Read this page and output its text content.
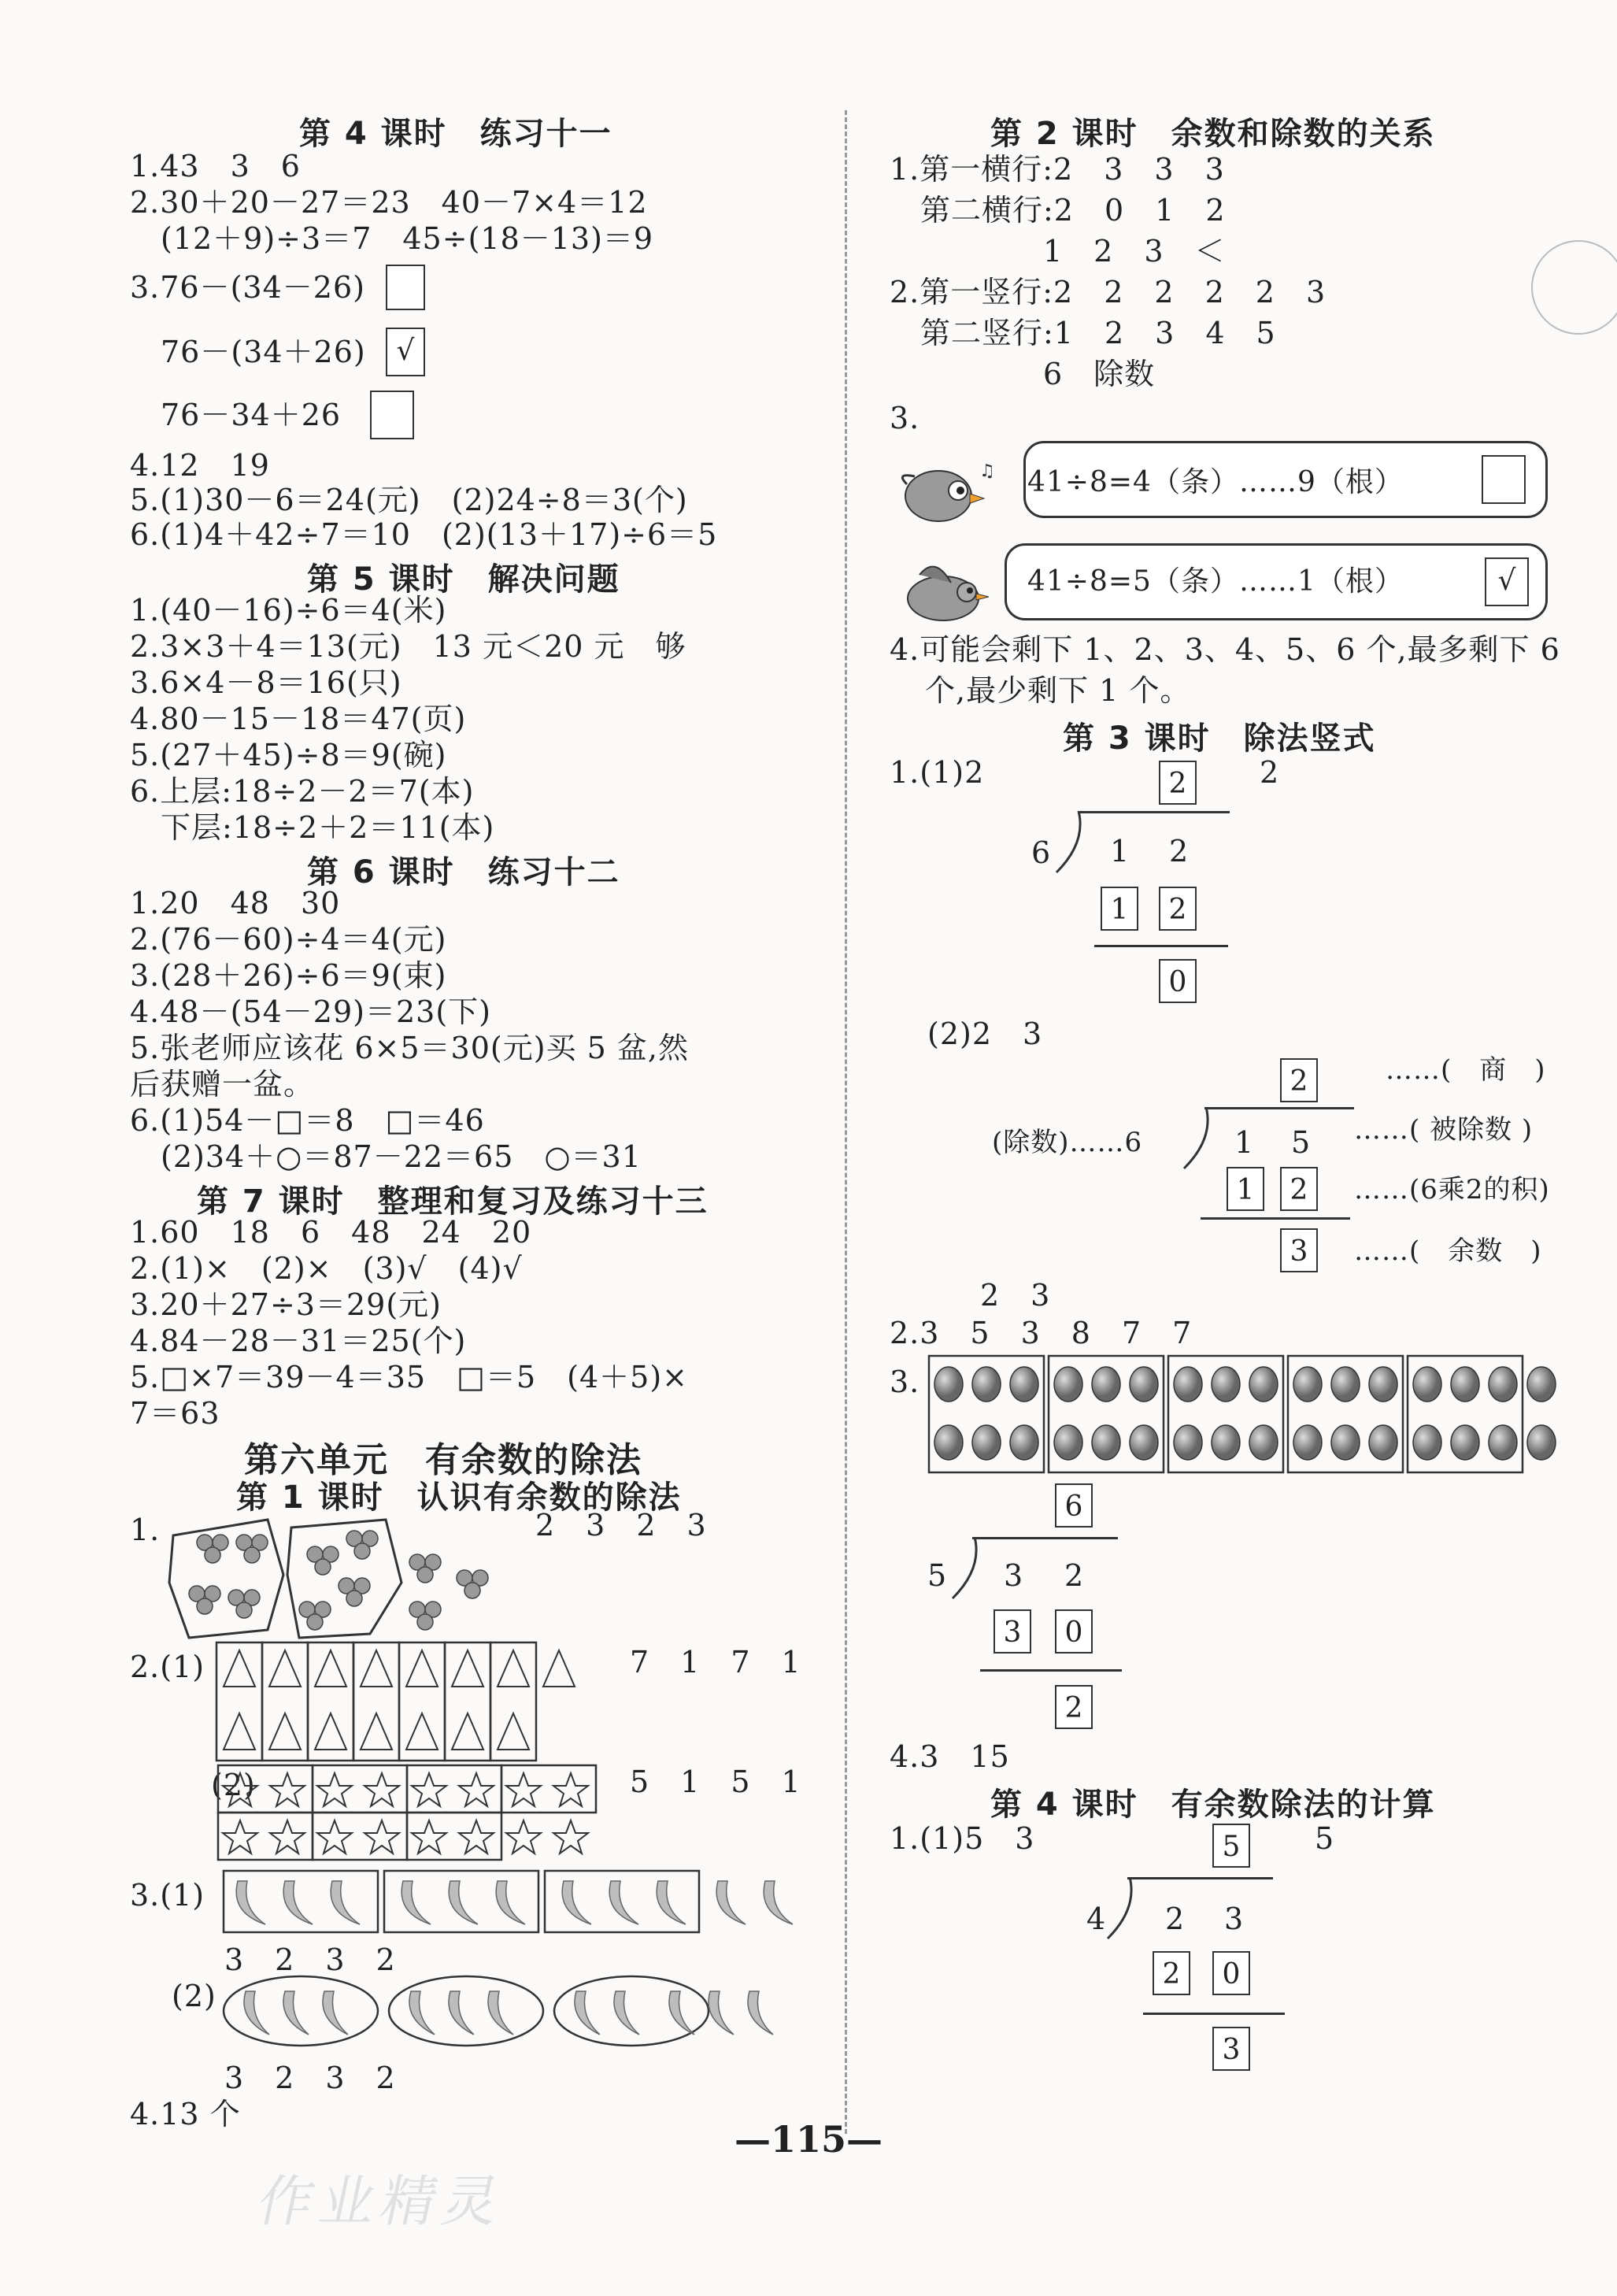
第 4 课时　练习十一
1.43　3　6
2.30＋20－27＝23　40－7×4＝12
　(12＋9)÷3＝7　45÷(18－13)＝9
3.76－(34－26)
　76－(34＋26)	√
　76－34＋26
4.12　19
5.(1)30－6＝24(元)　(2)24÷8＝3(个)
6.(1)4＋42÷7＝10　(2)(13＋17)÷6＝5
第 5 课时　解决问题
1.(40－16)÷6＝4(米)
2.3×3＋4＝13(元)　13 元＜20 元　够
3.6×4－8＝16(只)
4.80－15－18＝47(页)
5.(27＋45)÷8＝9(碗)
6.上层:18÷2－2＝7(本)
　下层:18÷2＋2＝11(本)
第 6 课时　练习十二
1.20　48　30
2.(76－60)÷4＝4(元)
3.(28＋26)÷6＝9(束)
4.48－(54－29)＝23(下)
5.张老师应该花 6×5＝30(元)买 5 盆,然
后获赠一盆。
6.(1)54－□＝8　□＝46
　(2)34＋○＝87－22＝65　○＝31
第 7 课时　整理和复习及练习十三
1.60　18　6　48　24　20
2.(1)×　(2)×　(3)√　(4)√
3.20＋27÷3＝29(元)
4.84－28－31＝25(个)
5.□×7＝39－4＝35　□＝5　(4＋5)×
7＝63
第六单元　有余数的除法
第 1 课时　认识有余数的除法
1.	2　3　2　3
2.(1)	7　1　7　1
(2)	5　1　5　1
3.(1)
3　2　3　2
(2)
3　2　3　2
4.13 个
第 2 课时　余数和除数的关系
1.第一横行:2　3　3　3
　第二横行:2　0　1　2
　　　　　1　2　3　＜
2.第一竖行:2　2　2　2　2　3
　第二竖行:1　2　3　4　5
　　　　　6　除数
3.
♫ 41÷8=4（条）……9（根）
41÷8=5（条）……1（根）	√
4.可能会剩下 1、2、3、4、5、6 个,最多剩下 6
个,最少剩下 1 个。
第 3 课时　除法竖式
1.(1)2	2
2
6 1 2
1	2
0
(2)2　3
2	……(　商　)
(除数)……6	1 5 ……( 被除数 )
1	2	……(6乘2的积)
3	……(　余数　)
2　3
2.3　5　3　8　7　7
3.
6
5 3 2
3	0
2
4.3　15
第 4 课时　有余数除法的计算
1.(1)5　3	5
5
4 2 3
2	0
3
—115—
作业精灵
